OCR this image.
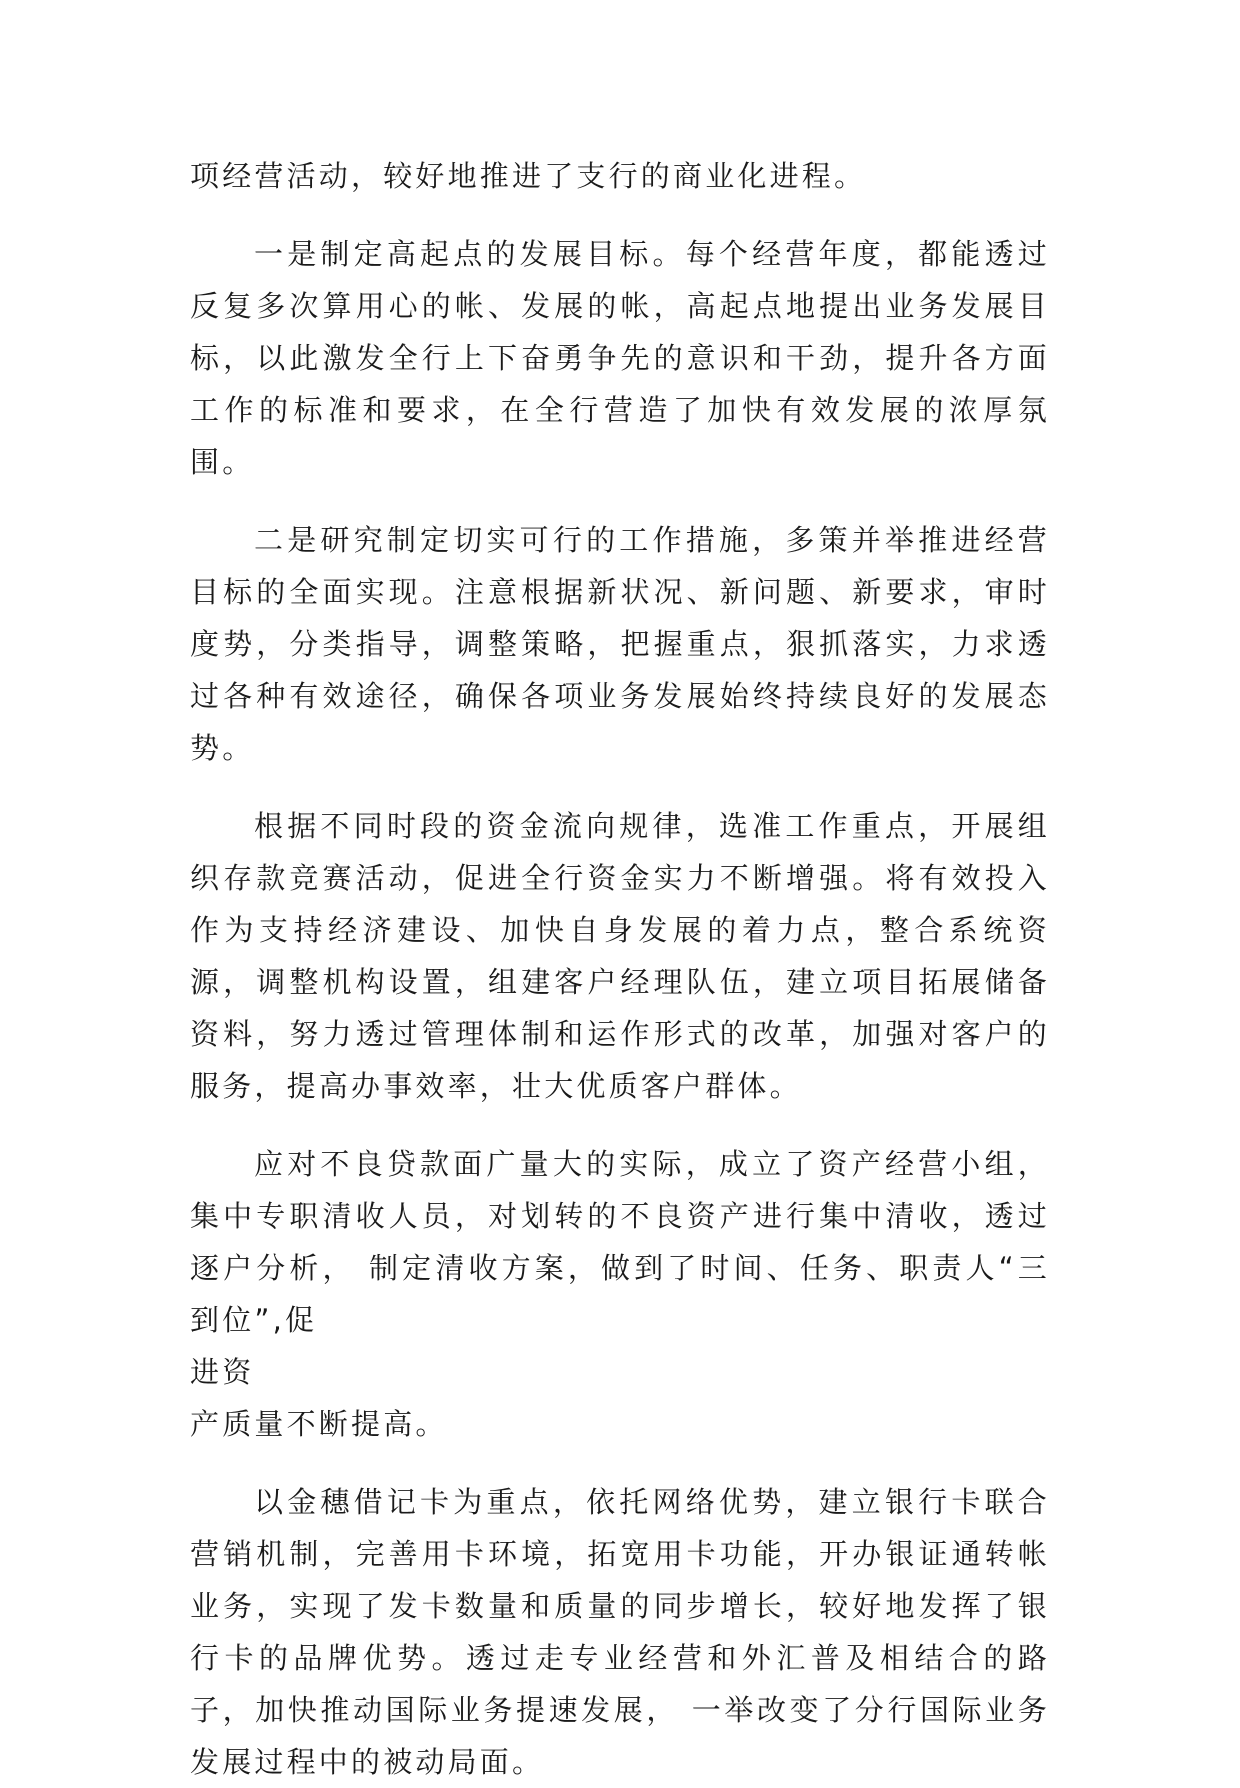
项经营活动，较好地推进了支行的商业化进程。

一是制定高起点的发展目标。每个经营年度，都能透过反复多次算用心的帐、发展的帐，高起点地提出业务发展目标，以此激发全行上下奋勇争先的意识和干劲，提升各方面工作的标准和要求，在全行营造了加快有效发展的浓厚氛围。

二是研究制定切实可行的工作措施，多策并举推进经营目标的全面实现。注意根据新状况、新问题、新要求，审时度势，分类指导，调整策略，把握重点，狠抓落实，力求透过各种有效途径，确保各项业务发展始终持续良好的发展态势。

根据不同时段的资金流向规律，选准工作重点，开展组织存款竞赛活动，促进全行资金实力不断增强。将有效投入作为支持经济建设、加快自身发展的着力点，整合系统资源，调整机构设置，组建客户经理队伍，建立项目拓展储备资料，努力透过管理体制和运作形式的改革，加强对客户的服务，提高办事效率，壮大优质客户群体。

应对不良贷款面广量大的实际，成立了资产经营小组，集中专职清收人员，对划转的不良资产进行集中清收，透过逐户分析， 制定清收方案，做到了时间、任务、职责人“三到位”,促
进资

产质量不断提高。

以金穗借记卡为重点，依托网络优势，建立银行卡联合营销机制，完善用卡环境，拓宽用卡功能，开办银证通转帐业务，实现了发卡数量和质量的同步增长，较好地发挥了银行卡的品牌优势。透过走专业经营和外汇普及相结合的路子，加快推动国际业务提速发展， 一举改变了分行国际业务发展过程中的被动局面。
